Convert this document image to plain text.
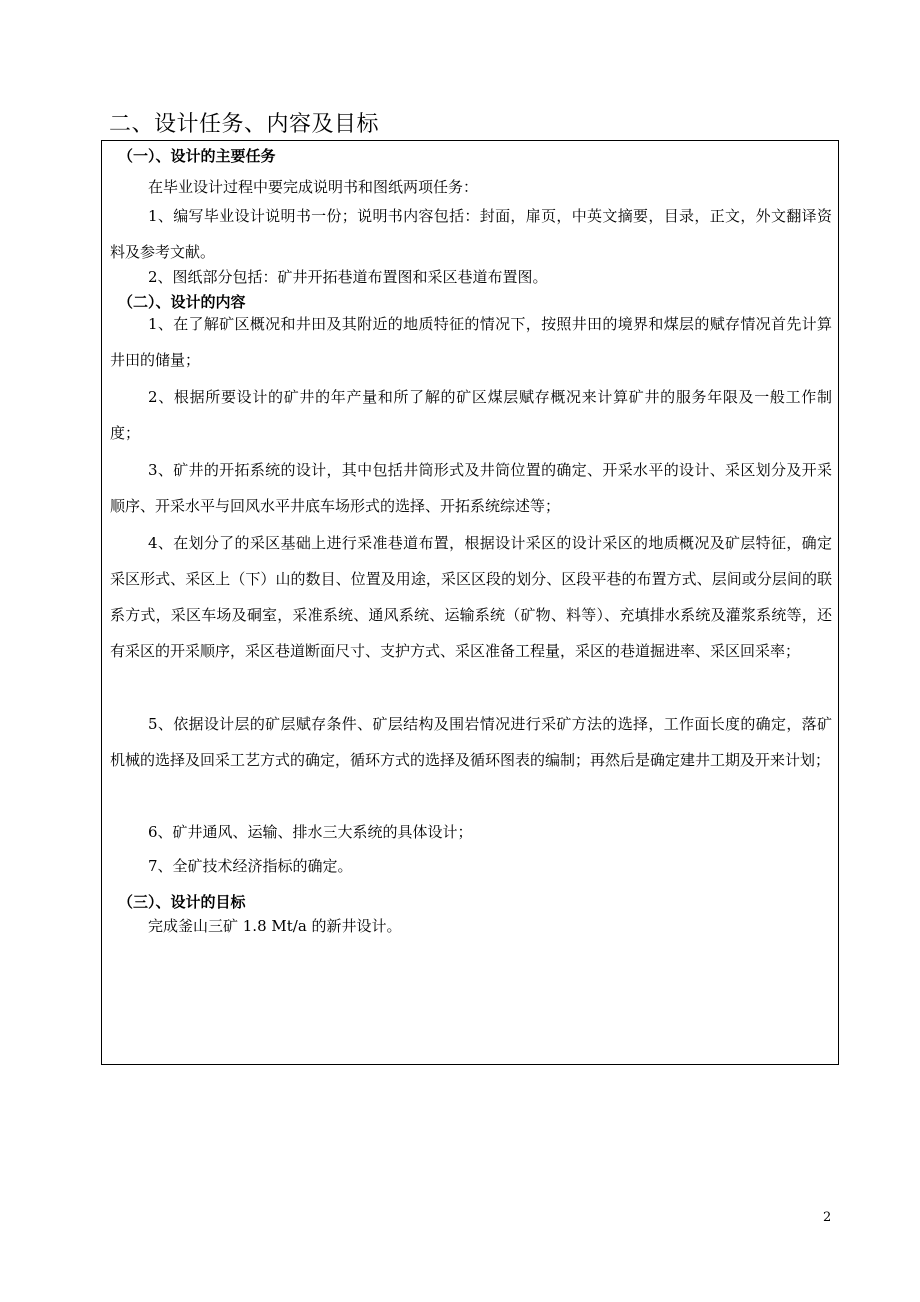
二、设计任务、内容及目标
（一）、设计的主要任务

在毕业设计过程中要完成说明书和图纸两项任务：

1、编写毕业设计说明书一份；说明书内容包括：封面，扉页，中英文摘要，目录，正文，外文翻译资料及参考文献。

2、图纸部分包括：矿井开拓巷道布置图和采区巷道布置图。

（二）、设计的内容

1、在了解矿区概况和井田及其附近的地质特征的情况下，按照井田的境界和煤层的赋存情况首先计算井田的储量；

2、根据所要设计的矿井的年产量和所了解的矿区煤层赋存概况来计算矿井的服务年限及一般工作制度；

3、矿井的开拓系统的设计，其中包括井筒形式及井筒位置的确定、开采水平的设计、采区划分及开采顺序、开采水平与回风水平井底车场形式的选择、开拓系统综述等；

4、在划分了的采区基础上进行采准巷道布置，根据设计采区的设计采区的地质概况及矿层特征，确定采区形式、采区上（下）山的数目、位置及用途，采区区段的划分、区段平巷的布置方式、层间或分层间的联系方式，采区车场及硐室，采准系统、通风系统、运输系统（矿物、料等）、充填排水系统及灌浆系统等，还有采区的开采顺序，采区巷道断面尺寸、支护方式、采区准备工程量，采区的巷道掘进率、采区回采率；

5、依据设计层的矿层赋存条件、矿层结构及围岩情况进行采矿方法的选择，工作面长度的确定，落矿机械的选择及回采工艺方式的确定，循环方式的选择及循环图表的编制；再然后是确定建井工期及开来计划；

6、矿井通风、运输、排水三大系统的具体设计；

7、全矿技术经济指标的确定。

（三）、设计的目标

完成釜山三矿 1.8 Mt/a 的新井设计。

2
